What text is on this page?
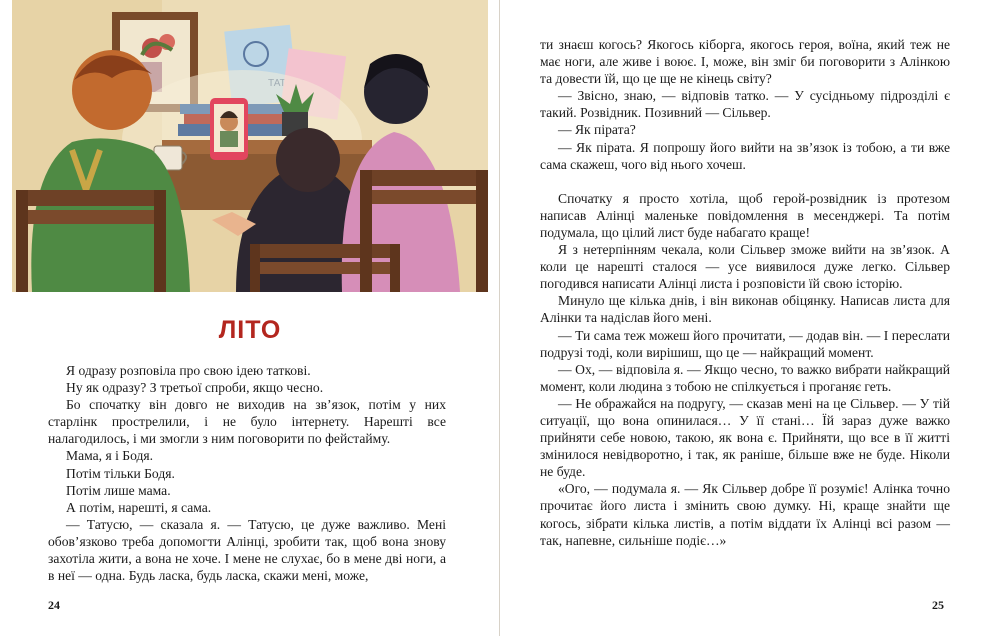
ЛІТО

Я одразу розповіла про свою ідею таткові.

Ну як одразу? З третьої спроби, якщо чесно.

Бо спочатку він довго не виходив на зв’язок, потім у них старлінк прострелили, і не було інтернету. Нарешті все налагодилось, і ми змогли з ним поговорити по фейстайму.

Мама, я і Бодя.

Потім тільки Бодя.

Потім лише мама.

А потім, нарешті, я сама.

— Татусю, — сказала я. — Татусю, це дуже важливо. Мені обов’язково треба допомогти Алінці, зробити так, щоб вона знову захотіла жити, а вона не хоче. І мене не слухає, бо в мене дві ноги, а в неї — одна. Будь ласка, будь ласка, скажи мені, може,

24

ти знаєш когось? Якогось кіборга, якогось героя, воїна, який теж не має ноги, але живе і воює. І, може, він зміг би поговорити з Алінкою та довести їй, що це ще не кінець світу?

— Звісно, знаю, — відповів татко. — У сусідньому підрозділі є такий. Розвідник. Позивний — Сільвер.

— Як пірата?

— Як пірата. Я попрошу його вийти на зв’язок із тобою, а ти вже сама скажеш, чого від нього хочеш.

Спочатку я просто хотіла, щоб герой-розвідник із протезом написав Алінці маленьке повідомлення в месенджері. Та потім подумала, що цілий лист буде набагато краще!

Я з нетерпінням чекала, коли Сільвер зможе вийти на зв’язок. А коли це нарешті сталося — усе виявилося дуже легко. Сільвер погодився написати Алінці листа і розповісти їй свою історію.

Минуло ще кілька днів, і він виконав обіцянку. Написав листа для Алінки та надіслав його мені.

— Ти сама теж можеш його прочитати, — додав він. — І переслати подрузі тоді, коли вирішиш, що це — найкращий момент.

— Ох, — відповіла я. — Якщо чесно, то важко вибрати найкращий момент, коли людина з тобою не спілкується і проганяє геть.

— Не ображайся на подругу, — сказав мені на це Сільвер. — У тій ситуації, що вона опинилася… У її стані… Їй зараз дуже важко прийняти себе новою, такою, як вона є. Прийняти, що все в її житті змінилося невідворотно, і так, як раніше, більше вже не буде. Ніколи не буде.

«Ого, — подумала я. — Як Сільвер добре її розуміє! Алінка точно прочитає його листа і змінить свою думку. Ні, краще знайти ще когось, зібрати кілька листів, а потім віддати їх Алінці всі разом — так, напевне, сильніше подіє…»

25
